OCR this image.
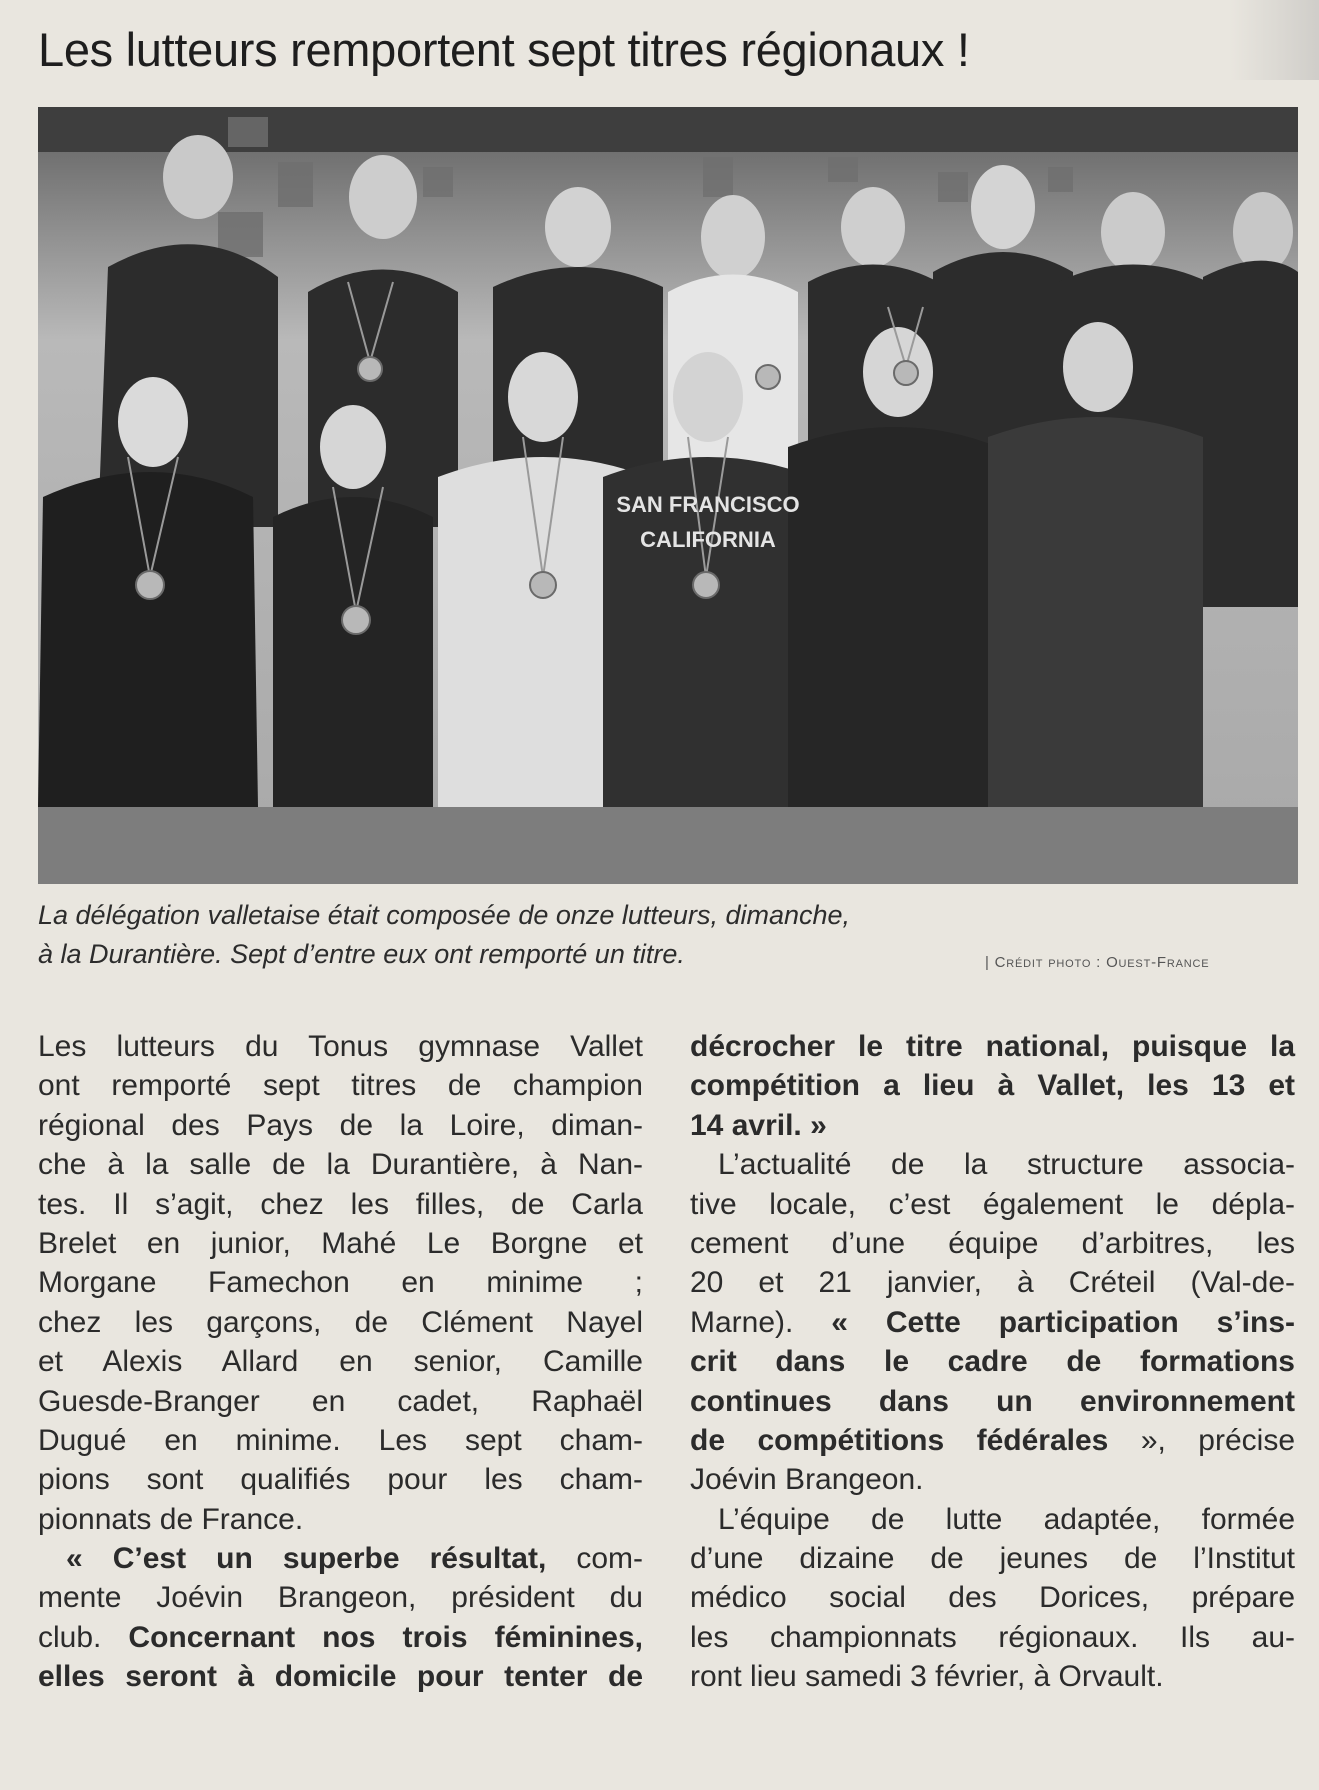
Les lutteurs remportent sept titres régionaux !
SAN FRANCISCO
CALIFORNIA
La délégation valletaise était composée de onze lutteurs, dimanche,
à la Durantière. Sept d’entre eux ont remporté un titre.	| Crédit photo : Ouest-France
Les lutteurs du Tonus gymnase Vallet
ont remporté sept titres de champion
régional des Pays de la Loire, diman-
che à la salle de la Durantière, à Nan-
tes. Il s’agit, chez les filles, de Carla
Brelet en junior, Mahé Le Borgne et
Morgane Famechon en minime ;
chez les garçons, de Clément Nayel
et Alexis Allard en senior, Camille
Guesde-Branger en cadet, Raphaël
Dugué en minime. Les sept cham-
pions sont qualifiés pour les cham-
pionnats de France.
« C’est un superbe résultat, com-
mente Joévin Brangeon, président du
club. Concernant nos trois féminines,
elles seront à domicile pour tenter de
décrocher le titre national, puisque la
compétition a lieu à Vallet, les 13 et
14 avril. »
L’actualité de la structure associa-
tive locale, c’est également le dépla-
cement d’une équipe d’arbitres, les
20 et 21 janvier, à Créteil (Val-de-
Marne). « Cette participation s’ins-
crit dans le cadre de formations
continues dans un environnement
de compétitions fédérales », précise
Joévin Brangeon.
L’équipe de lutte adaptée, formée
d’une dizaine de jeunes de l’Institut
médico social des Dorices, prépare
les championnats régionaux. Ils au-
ront lieu samedi 3 février, à Orvault.
